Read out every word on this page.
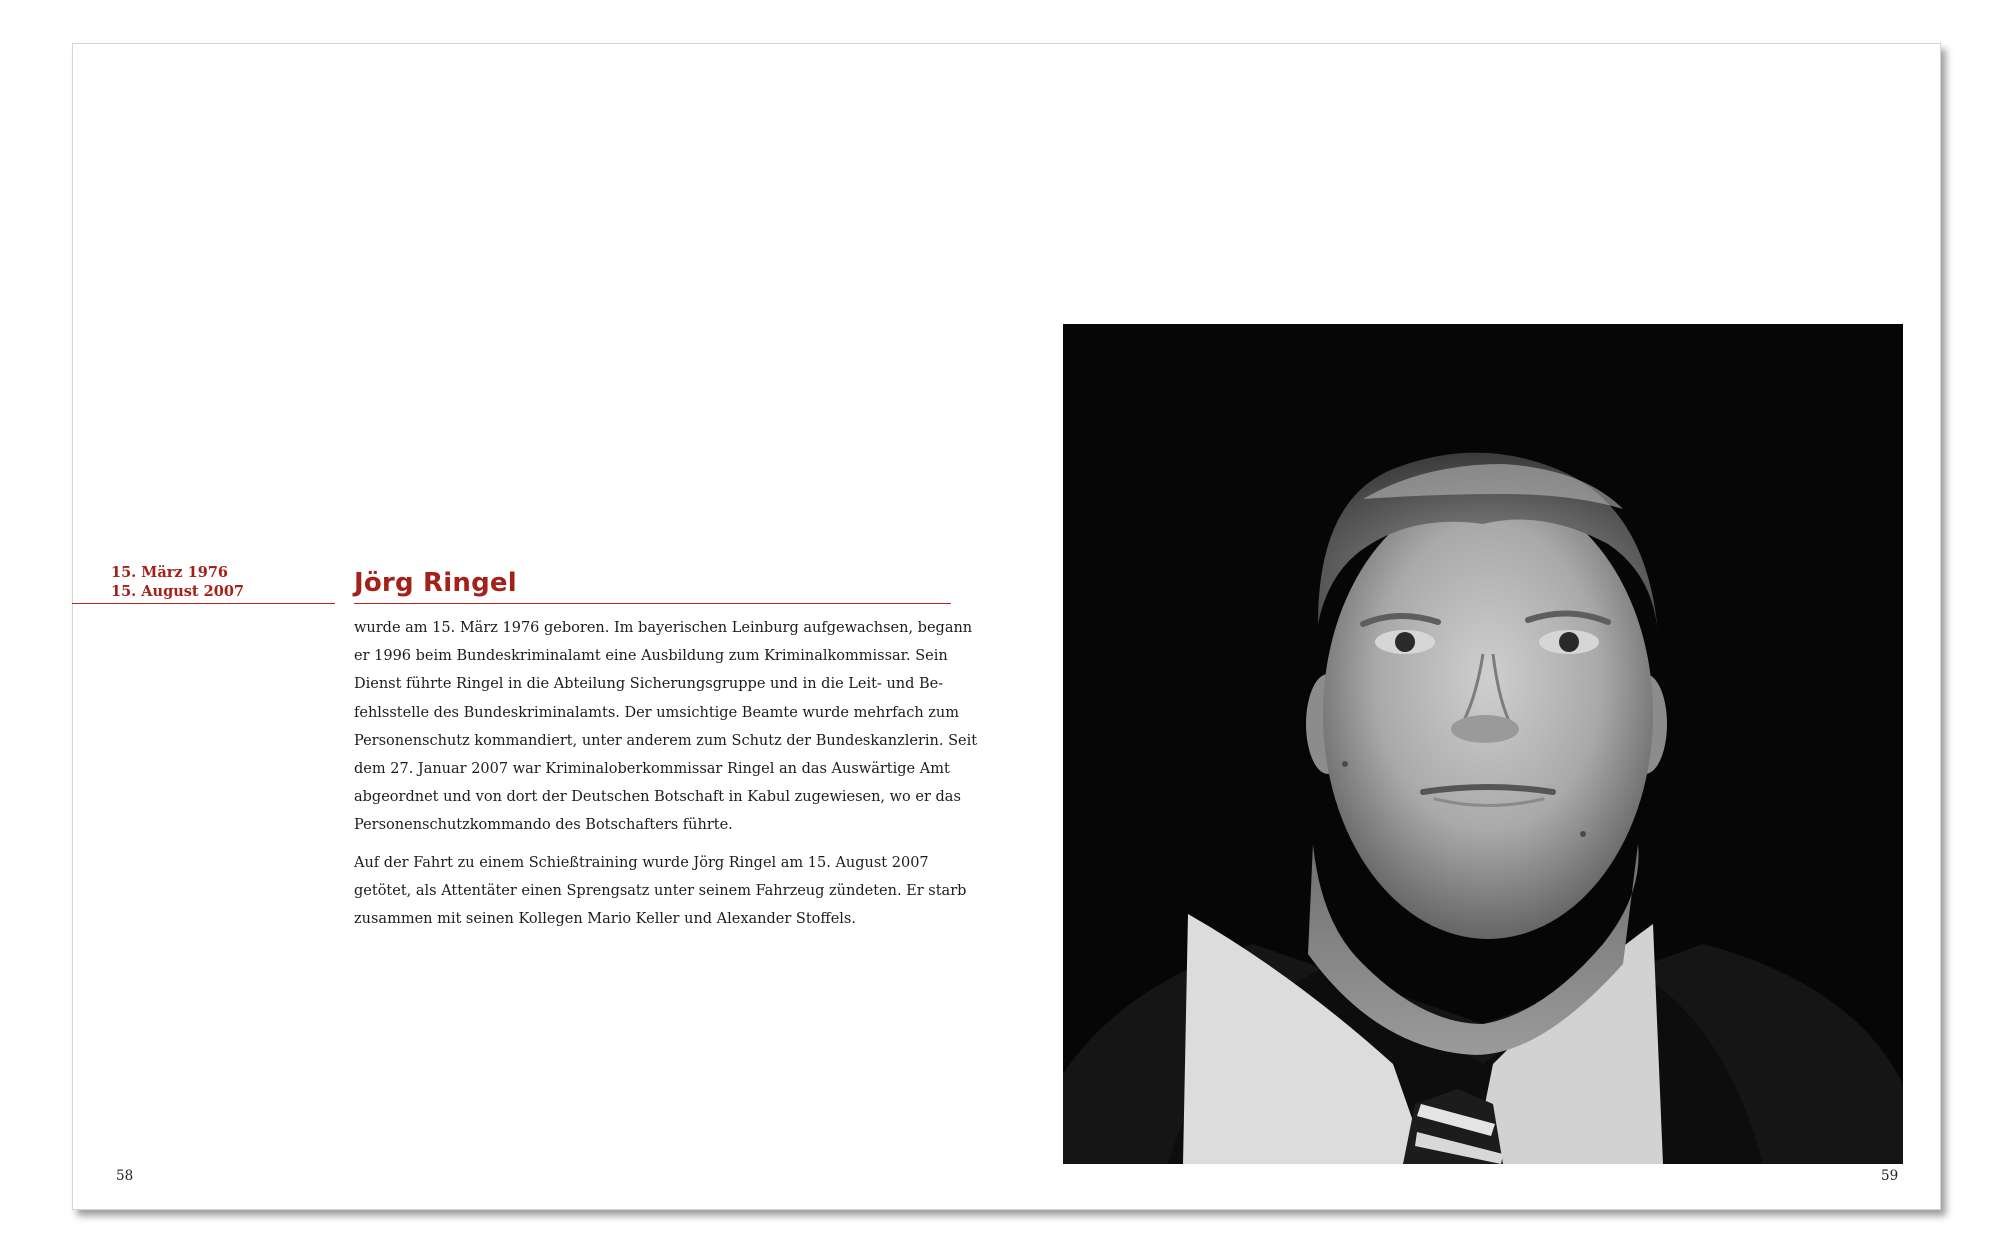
15. März 1976
15. August 2007	Jörg Ringel

wurde am 15. März 1976 geboren. Im bayerischen Leinburg aufgewachsen, begann
er 1996 beim Bundeskriminalamt eine Ausbildung zum Kriminalkommissar. Sein
Dienst führte Ringel in die Abteilung Sicherungsgruppe und in die Leit- und Be-
fehlsstelle des Bundeskriminalamts. Der umsichtige Beamte wurde mehrfach zum
Personenschutz kommandiert, unter anderem zum Schutz der Bundeskanzlerin. Seit
dem 27. Januar 2007 war Kriminaloberkommissar Ringel an das Auswärtige Amt
abgeordnet und von dort der Deutschen Botschaft in Kabul zugewiesen, wo er das
Personenschutzkommando des Botschafters führte.

Auf der Fahrt zu einem Schießtraining wurde Jörg Ringel am 15. August 2007
getötet, als Attentäter einen Sprengsatz unter seinem Fahrzeug zündeten. Er starb
zusammen mit seinen Kollegen Mario Keller und Alexander Stoffels.

58	59
